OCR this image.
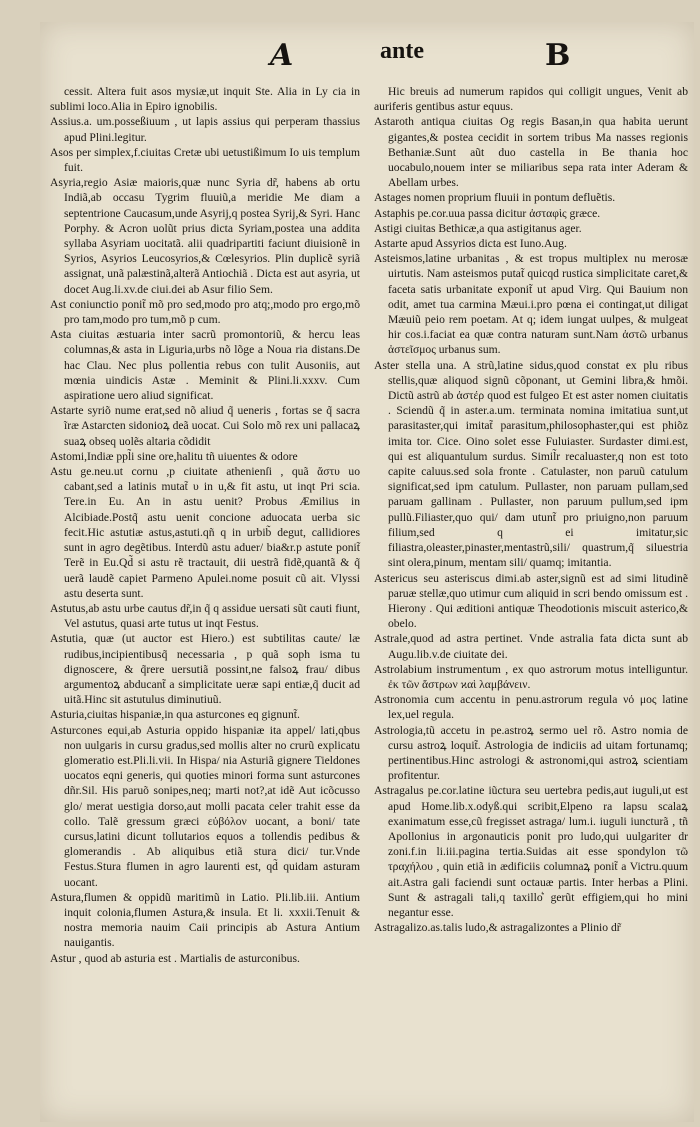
A	ante	B

cessit. Altera fuit asos mysiæ,ut inquit Ste. Alia in Ly cia in sublimi loco.Alia in Epiro ignobilis.

Assius.a. um.posseßiuum , ut lapis assius qui perperam thassius apud Plini.legitur.

Asos per simplex,f.ciuitas Cretæ ubi uetustißimum Io uis templum fuit.

Asyria,regio Asiæ maioris,quæ nunc Syria dr̃, habens ab ortu Indiã,ab occasu Tygrim fluuiũ,a meridie Me diam a septentrione Caucasum,unde Asyrij,q postea Syrij,& Syri. Hanc Porphy. & Acron uolũt prius dicta Syriam,postea una addita syllaba Asyriam uocitatã. alii quadripartiti faciunt diuisionẽ in Syrios, Asyrios Leucosyrios,& Cœlesyrios. Plin duplicẽ syriã assignat, unã palæstinã,alterã Antiochiã . Dicta est aut asyria, ut docet Aug.li.xv.de ciui.dei ab Asur filio Sem.

Ast coniunctio ponit̃ mõ pro sed,modo pro atq;,modo pro ergo,mõ pro tam,modo pro tum,mõ p cum.

Asta ciuitas æstuaria inter sacrũ promontoriũ, & hercu leas columnas,& asta in Liguria,urbs nõ lõge a Noua ria distans.De hac Clau. Nec plus pollentia rebus con tulit Ausoniis, aut mœnia uindicis Astæ . Meminit & Plini.li.xxxv. Cum aspiratione uero aliud significat.

Astarte syriõ nume erat,sed nõ aliud q̃ ueneris , fortas se q̃ sacra ĩræ Astarcten sidonioꝝ deã uocat. Cui Solo mõ rex uni pallacaꝝ suaꝝ obseq uolẽs altaria cõdidit

Astomi,Indiæ ppl̃i sine ore,halitu tñ uiuentes & odore

Astu ge.neu.ut cornu ,p ciuitate athenienſi , quã ἄστυ uo cabant,sed a latinis mutat̃ υ in u,& fit astu, ut inqt Pri scia. Tere.in Eu. An in astu uenit? Probus Æmilius in Alcibiade.Postq̃ astu uenit concione aduocata uerba sic fecit.Hic astutiæ astus,astuti.qñ q in urbib̃ degut, callidiores sunt in agro degẽtibus. Interdũ astu aduer/ bia&r.p astute ponit̃ Terẽ in Eu.Qd̃ si astu rẽ tractauit, dii uestrã fidẽ,quantã & q̃ uerã laudẽ capiet Parmeno Apulei.nome posuit cũ ait. Vlyssi astu deserta sunt.

Astutus,ab astu urbe cautus dr̃,in q̃ q assidue uersati sũt cauti fiunt, Vel astutus, quasi arte tutus ut inqt Festus.

Astutia, quæ (ut auctor est Hiero.) est subtilitas caute/ læ rudibus,incipientibusq̃ necessaria , p quã soph isma tu dignoscere, & q̃rere uersutiã possint,ne falsoꝝ frau/ dibus argumentoꝝ abducant̃ a simplicitate ueræ sapi entiæ,q̃ ducit ad uitã.Hinc sit astutulus diminutiuũ.

Asturia,ciuitas hispaniæ,in qua asturcones eq gignunt̃.

Asturcones equi,ab Asturia oppido hispaniæ ita appel/ lati,qbus non uulgaris in cursu gradus,sed mollis alter no crurũ explicatu glomeratio est.Pli.li.vii. In Hispa/ nia Asturiã gignere Tieldones uocatos eqni generis, qui quoties minori forma sunt asturcones dñr.Sil. His paruõ sonipes,neq; marti not?,at idẽ Aut icõcusso glo/ merat uestigia dorso,aut molli pacata celer trahit esse da collo. Talẽ gressum græci εὐβόλον uocant, a boni/ tate cursus,latini dicunt tollutarios equos a tollendis pedibus & glomerandis . Ab aliquibus etiã stura dici/ tur.Vnde Festus.Stura flumen in agro laurenti est, qd̃ quidam asturam uocant.

Astura,flumen & oppidũ maritimũ in Latio. Pli.lib.iii. Antium inquit colonia,flumen Astura,& insula. Et li. xxxii.Tenuit & nostra memoria nauim Caii principis ab Astura Antium nauigantis.

Astur , quod ab asturia est . Martialis de asturconibus.

Hic breuis ad numerum rapidos qui colligit ungues, Venit ab auriferis gentibus astur equus.

Astaroth antiqua ciuitas Og regis Basan,in qua habita uerunt gigantes,& postea cecidit in sortem tribus Ma nasses regionis Bethaniæ.Sunt aũt duo castella in Be thania hoc uocabulo,nouem inter se miliaribus sepa rata inter Aderam & Abellam urbes.

Astages nomen proprium fluuii in pontum defluẽtis.

Astaphis pe.cor.uua passa dicitur ἀσταφὶς græce.

Astigi ciuitas Bethicæ,a qua astigitanus ager.

Astarte apud Assyrios dicta est Iuno.Aug.

Asteismos,latine urbanitas , & est tropus multiplex nu merosæ uirtutis. Nam asteismos putat̃ quicqd rustica simplicitate caret,& faceta satis urbanitate exponit̃ ut apud Virg. Qui Bauium non odit, amet tua carmina Mæui.i.pro pœna ei contingat,ut diligat Mæuiũ peio rem poetam. At q; idem iungat uulpes, & mulgeat hir cos.i.faciat ea quæ contra naturam sunt.Nam ἀστῶ urbanus ἀστεῖσμος urbanus sum.

Aster stella una. A strũ,latine sidus,quod constat ex plu ribus stellis,quæ aliquod signũ cõponant, ut Gemini libra,& hmõi. Dictũ astrũ ab ἀστέρ quod est fulgeo Et est aster nomen ciuitatis . Sciendũ q̃ in aster.a.um. terminata nomina imitatiua sunt,ut parasitaster,qui imitat̃ parasitum,philosophaster,qui est phiõz imita tor. Cice. Oino solet esse Fuluiaster. Surdaster dimi.est, qui est aliquantulum surdus. Simil̃r recaluaster,q non est toto capite caluus.sed sola fronte . Catulaster, non paruũ catulum significat,sed ipm catulum. Pullaster, non paruam pullam,sed paruam gallinam . Pullaster, non paruum pullum,sed ipm pullũ.Filiaster,quo qui/ dam utunt̃ pro priuigno,non paruum filium,sed q ei imitatur,sic filiastra,oleaster,pinaster,mentastrũ,sili/ quastrum,q̃ siluestria sint olera,pinum, mentam sili/ quamq; imitantia.

Astericus seu asteriscus dimi.ab aster,signũ est ad simi litudinẽ paruæ stellæ,quo utimur cum aliquid in scri bendo omissum est . Hierony . Qui æditioni antiquæ Theodotionis miscuit asterico,& obelo.

Astrale,quod ad astra pertinet. Vnde astralia fata dicta sunt ab Augu.lib.v.de ciuitate dei.

Astrolabium instrumentum , ex quo astrorum motus intelliguntur. ἐκ τῶν ἄστρων ϰαὶ λαμβάνειν.

Astronomia cum accentu in penu.astrorum regula νό μος latine lex,uel regula.

Astrologia,tũ accetu in pe.astroꝝ sermo uel rõ. Astro nomia de cursu astroꝝ loquit̃. Astrologia de indiciis ad uitam fortunamq; pertinentibus.Hinc astrologi & astronomi,qui astroꝝ scientiam profitentur.

Astragalus pe.cor.latine iũctura seu uertebra pedis,aut iuguli,ut est apud Home.lib.x.odyß.qui scribit,Elpeno ra lapsu scalaꝝ exanimatum esse,cũ fregisset astraga/ lum.i. iuguli iuncturã , tñ Apollonius in argonauticis ponit pro ludo,qui uulgariter dr zoni.f.in li.iii.pagina tertia.Suidas ait esse spondylon τῶ τραχήλου , quin etiã in ædificiis columnaꝝ ponit̃ a Victru.quum ait.Astra gali faciendi sunt octauæ partis. Inter herbas a Plini. Sunt & astragali tali,q taxillo͛ gerũt effigiem,qui ho mini negantur esse.

Astragalizo.as.talis ludo,& astragalizontes a Plinio dr̃
